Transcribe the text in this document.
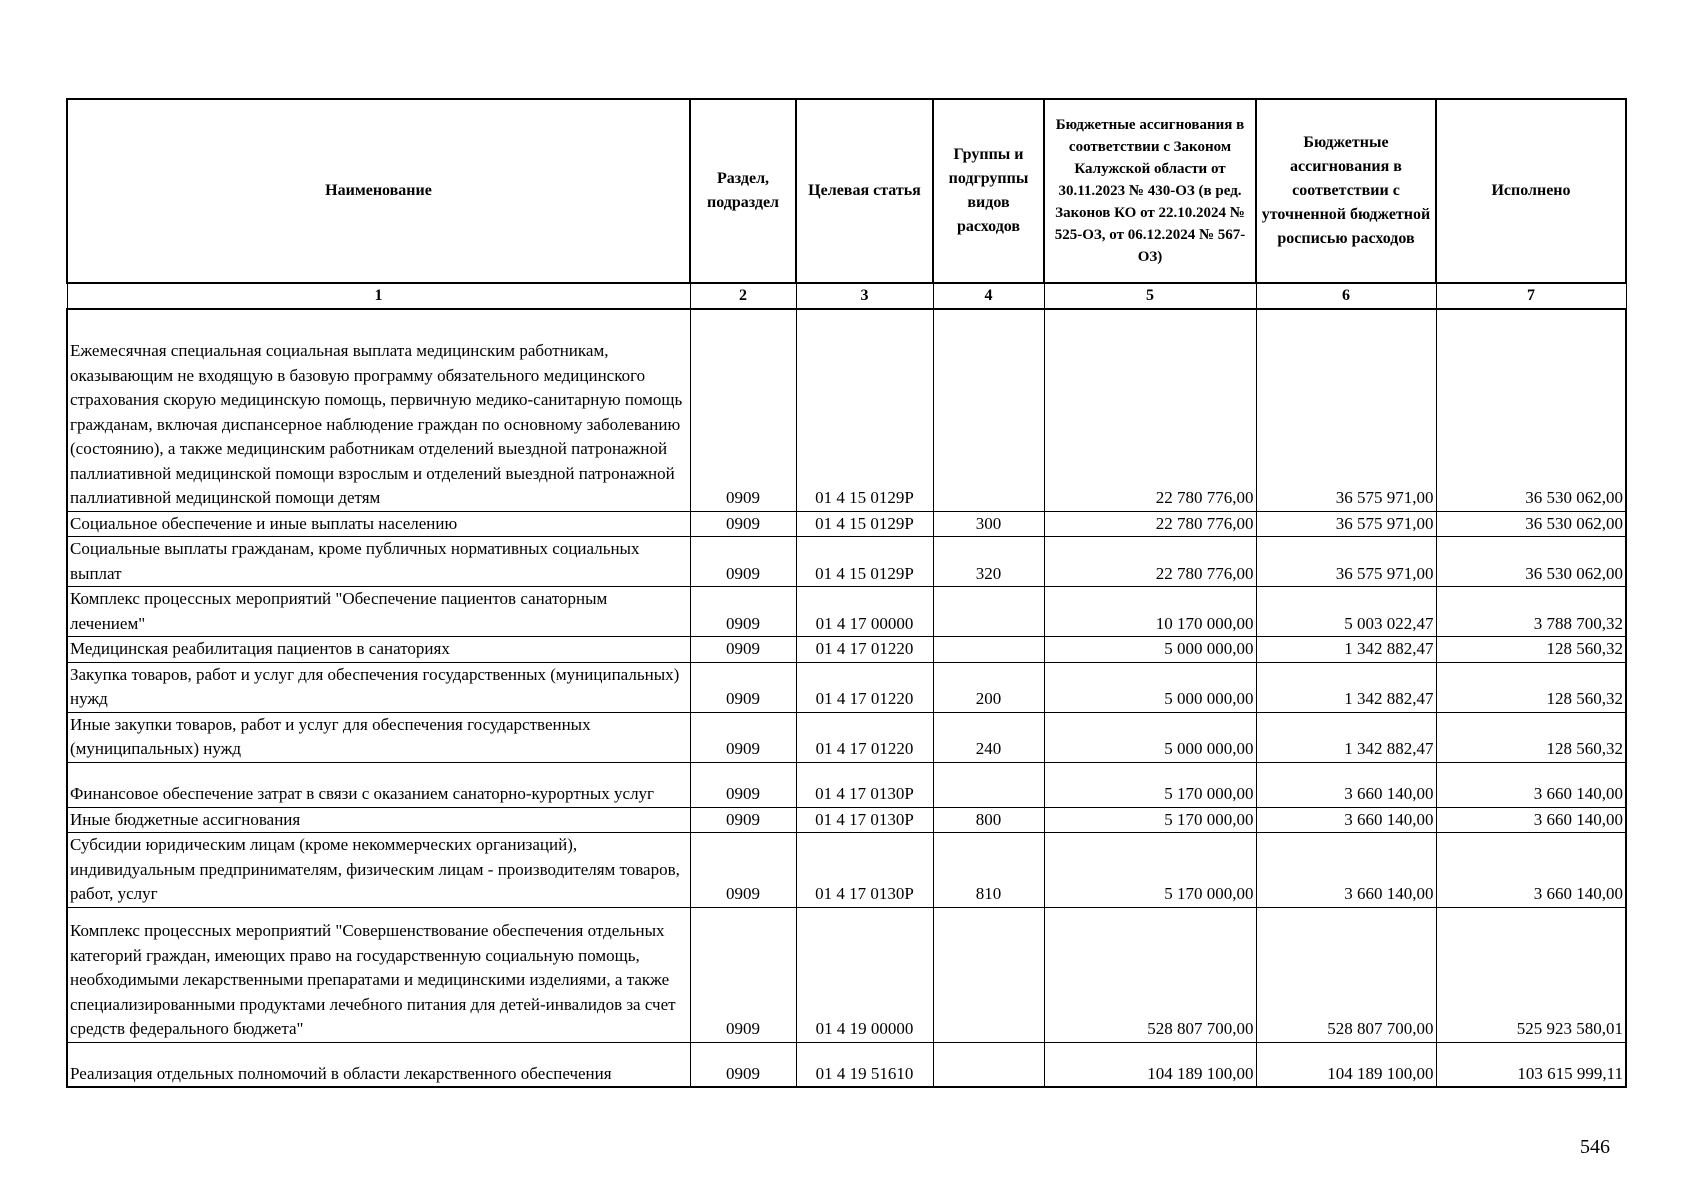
Наименование	Раздел, подраздел	Целевая статья	Группы и подгруппы видов расходов	Бюджетные ассигнования в соответствии с Законом Калужской области от 30.11.2023 № 430-ОЗ (в ред. Законов КО от 22.10.2024 № 525-ОЗ, от 06.12.2024 № 567-ОЗ)	Бюджетные ассигнования в соответствии с уточненной бюджетной росписью расходов	Исполнено
1	2	3	4	5	6	7
Ежемесячная специальная социальная выплата медицинским работникам, оказывающим не входящую в базовую программу обязательного медицинского страхования скорую медицинскую помощь, первичную медико-санитарную помощь гражданам, включая диспансерное наблюдение граждан по основному заболеванию (состоянию), а также медицинским работникам отделений выездной патронажной паллиативной медицинской помощи взрослым и отделений выездной патронажной паллиативной медицинской помощи детям	0909	01 4 15 0129Р		22 780 776,00	36 575 971,00	36 530 062,00
Социальное обеспечение и иные выплаты населению	0909	01 4 15 0129Р	300	22 780 776,00	36 575 971,00	36 530 062,00
Социальные выплаты гражданам, кроме публичных нормативных социальных выплат	0909	01 4 15 0129Р	320	22 780 776,00	36 575 971,00	36 530 062,00
Комплекс процессных мероприятий "Обеспечение пациентов санаторным лечением"	0909	01 4 17 00000		10 170 000,00	5 003 022,47	3 788 700,32
Медицинская реабилитация пациентов в санаториях	0909	01 4 17 01220		5 000 000,00	1 342 882,47	128 560,32
Закупка товаров, работ и услуг для обеспечения государственных (муниципальных) нужд	0909	01 4 17 01220	200	5 000 000,00	1 342 882,47	128 560,32
Иные закупки товаров, работ и услуг для обеспечения государственных (муниципальных) нужд	0909	01 4 17 01220	240	5 000 000,00	1 342 882,47	128 560,32
Финансовое обеспечение затрат в связи с оказанием санаторно-курортных услуг	0909	01 4 17 0130Р		5 170 000,00	3 660 140,00	3 660 140,00
Иные бюджетные ассигнования	0909	01 4 17 0130Р	800	5 170 000,00	3 660 140,00	3 660 140,00
Субсидии юридическим лицам (кроме некоммерческих организаций), индивидуальным предпринимателям, физическим лицам - производителям товаров, работ, услуг	0909	01 4 17 0130Р	810	5 170 000,00	3 660 140,00	3 660 140,00
Комплекс процессных мероприятий "Совершенствование обеспечения отдельных категорий граждан, имеющих право на государственную социальную помощь, необходимыми лекарственными препаратами и медицинскими изделиями, а также специализированными продуктами лечебного питания для детей-инвалидов за счет средств федерального бюджета"	0909	01 4 19 00000		528 807 700,00	528 807 700,00	525 923 580,01
Реализация отдельных полномочий в области лекарственного обеспечения	0909	01 4 19 51610		104 189 100,00	104 189 100,00	103 615 999,11
546
